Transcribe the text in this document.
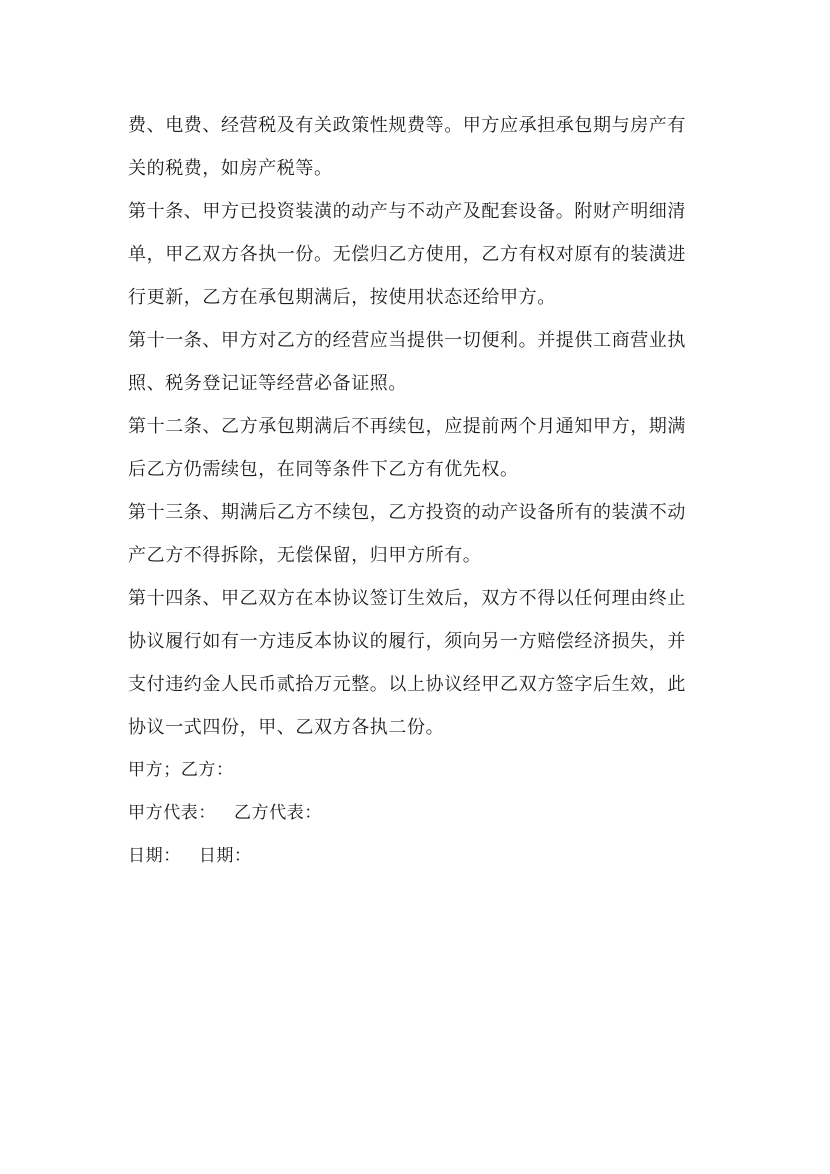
费、电费、经营税及有关政策性规费等。甲方应承担承包期与房产有
关的税费，如房产税等。
第十条、甲方已投资装潢的动产与不动产及配套设备。附财产明细清
单，甲乙双方各执一份。无偿归乙方使用，乙方有权对原有的装潢进
行更新，乙方在承包期满后，按使用状态还给甲方。
第十一条、甲方对乙方的经营应当提供一切便利。并提供工商营业执
照、税务登记证等经营必备证照。
第十二条、乙方承包期满后不再续包，应提前两个月通知甲方，期满
后乙方仍需续包，在同等条件下乙方有优先权。
第十三条、期满后乙方不续包，乙方投资的动产设备所有的装潢不动
产乙方不得拆除，无偿保留，归甲方所有。
第十四条、甲乙双方在本协议签订生效后，双方不得以任何理由终止
协议履行如有一方违反本协议的履行，须向另一方赔偿经济损失，并
支付违约金人民币贰拾万元整。以上协议经甲乙双方签字后生效，此
协议一式四份，甲、乙双方各执二份。
甲方；乙方：
甲方代表： 乙方代表：
日期： 日期：
